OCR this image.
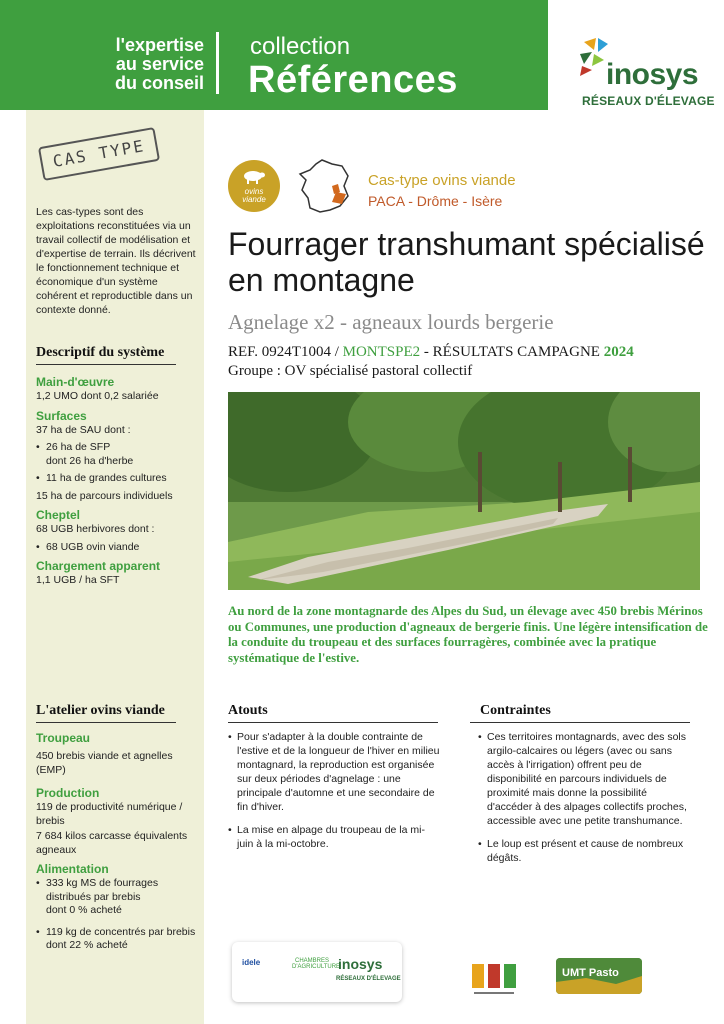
l'expertise
au service
du conseil
collection
Références	inosys
RÉSEAUX D'ÉLEVAGE
CAS TYPE
Les cas-types sont des exploitations reconstituées via un travail collectif de modélisation et d'expertise de terrain. Ils décrivent le fonctionnement technique et économique d'un système cohérent et reproductible dans un contexte donné.
Descriptif du système
Main-d'œuvre
1,2 UMO dont 0,2 salariée
Surfaces
37 ha de SAU dont :
• 26 ha de SFP
dont 26 ha d'herbe
• 11 ha de grandes cultures
15 ha de parcours individuels
Cheptel
68 UGB herbivores dont :
• 68 UGB ovin viande
Chargement apparent
1,1 UGB / ha SFT
L'atelier ovins viande
Troupeau
450 brebis viande et agnelles (EMP)
Production
119 de productivité numérique / brebis
7 684 kilos carcasse équivalents agneaux
Alimentation
• 333 kg MS de fourrages distribués par brebis
dont 0 % acheté
• 119 kg de concentrés par brebis
dont 22 % acheté
ovins
viande
Cas-type ovins viande
PACA - Drôme - Isère
Fourrager transhumant spécialisé en montagne
Agnelage x2 - agneaux lourds bergerie
REF. 0924T1004 / MONTSPE2 - RÉSULTATS CAMPAGNE 2024
Groupe : OV spécialisé pastoral collectif
Au nord de la zone montagnarde des Alpes du Sud, un élevage avec 450 brebis Mérinos ou Communes, une production d'agneaux de bergerie finis. Une légère intensification de la conduite du troupeau et des surfaces fourragères, combinée avec la pratique systématique de l'estive.
Atouts
• Pour s'adapter à la double contrainte de l'estive et de la longueur de l'hiver en milieu montagnard, la reproduction est organisée sur deux périodes d'agnelage : une principale d'automne et une secondaire de fin d'hiver.
• La mise en alpage du troupeau de la mi-juin à la mi-octobre.
Contraintes
• Ces territoires montagnards, avec des sols argilo-calcaires ou légers (avec ou sans accès à l'irrigation) offrent peu de disponibilité en parcours individuels de proximité mais donne la possibilité d'accéder à des alpages collectifs proches, accessible avec une petite transhumance.
• Le loup est présent et cause de nombreux dégâts.
idele	CHAMBRES D'AGRICULTURE
inosys
RÉSEAUX D'ÉLEVAGE	UMT Pasto
